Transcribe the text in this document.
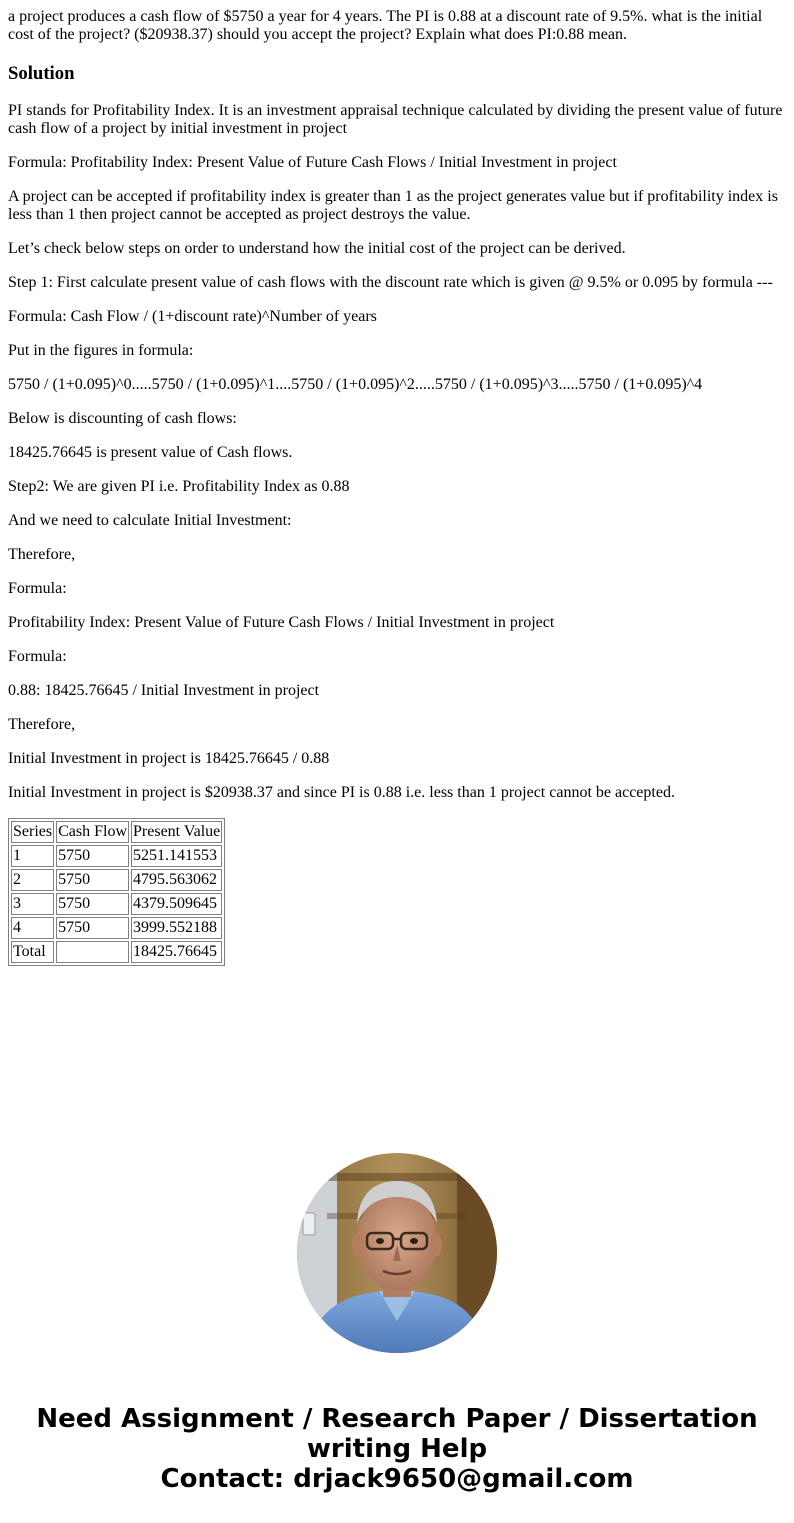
a project produces a cash flow of $5750 a year for 4 years. The PI is 0.88 at a discount rate of 9.5%. what is the initial cost of the project? ($20938.37) should you accept the project? Explain what does PI:0.88 mean.

Solution

PI stands for Profitability Index. It is an investment appraisal technique calculated by dividing the present value of future cash flow of a project by initial investment in project

Formula: Profitability Index: Present Value of Future Cash Flows / Initial Investment in project

A project can be accepted if profitability index is greater than 1 as the project generates value but if profitability index is less than 1 then project cannot be accepted as project destroys the value.

Let’s check below steps on order to understand how the initial cost of the project can be derived.

Step 1: First calculate present value of cash flows with the discount rate which is given @ 9.5% or 0.095 by formula ---

Formula: Cash Flow / (1+discount rate)^Number of years

Put in the figures in formula:

5750 / (1+0.095)^0.....5750 / (1+0.095)^1....5750 / (1+0.095)^2.....5750 / (1+0.095)^3.....5750 / (1+0.095)^4

Below is discounting of cash flows:

18425.76645 is present value of Cash flows.

Step2: We are given PI i.e. Profitability Index as 0.88

And we need to calculate Initial Investment:

Therefore,

Formula:

Profitability Index: Present Value of Future Cash Flows / Initial Investment in project

Formula:

0.88: 18425.76645 / Initial Investment in project

Therefore,

Initial Investment in project is 18425.76645 / 0.88

Initial Investment in project is $20938.37 and since PI is 0.88 i.e. less than 1 project cannot be accepted.

Series	Cash Flow	Present Value
1	5750	5251.141553
2	5750	4795.563062
3	5750	4379.509645
4	5750	3999.552188
Total		18425.76645
Need Assignment / Research Paper / Dissertation writing Help
Contact: drjack9650@gmail.com
